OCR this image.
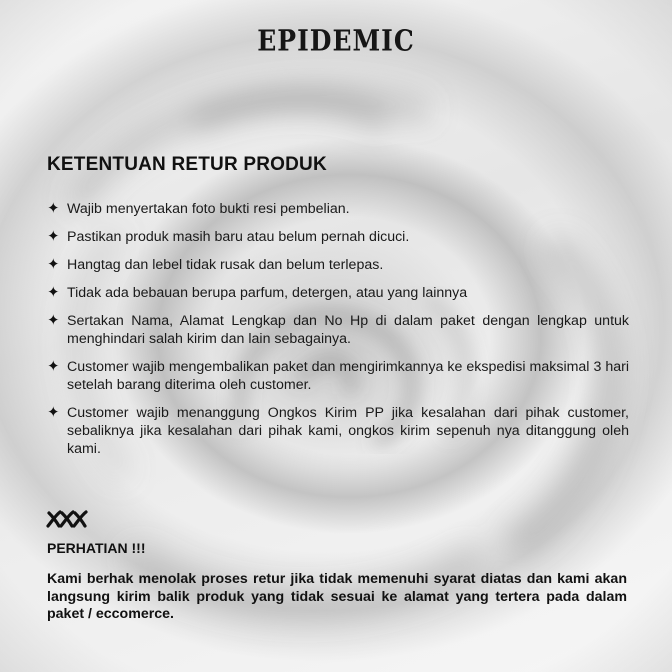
EPIDEMIC
KETENTUAN RETUR PRODUK
✦ Wajib menyertakan foto bukti resi pembelian.
✦ Pastikan produk masih baru atau belum pernah dicuci.
✦ Hangtag dan lebel tidak rusak dan belum terlepas.
✦ Tidak ada bebauan berupa parfum, detergen, atau yang lainnya
✦ Sertakan Nama, Alamat Lengkap dan No Hp di dalam paket dengan lengkap untuk menghindari salah kirim dan lain sebagainya.
✦ Customer wajib mengembalikan paket dan mengirimkannya ke ekspedisi maksimal 3 hari setelah barang diterima oleh customer.
✦ Customer wajib menanggung Ongkos Kirim PP jika kesalahan dari pihak customer, sebaliknya jika kesalahan dari pihak kami, ongkos kirim sepenuh nya ditanggung oleh kami.
PERHATIAN !!!
Kami berhak menolak proses retur jika tidak memenuhi syarat diatas dan kami akan langsung kirim balik produk yang tidak sesuai ke alamat yang tertera pada dalam paket / eccomerce.
